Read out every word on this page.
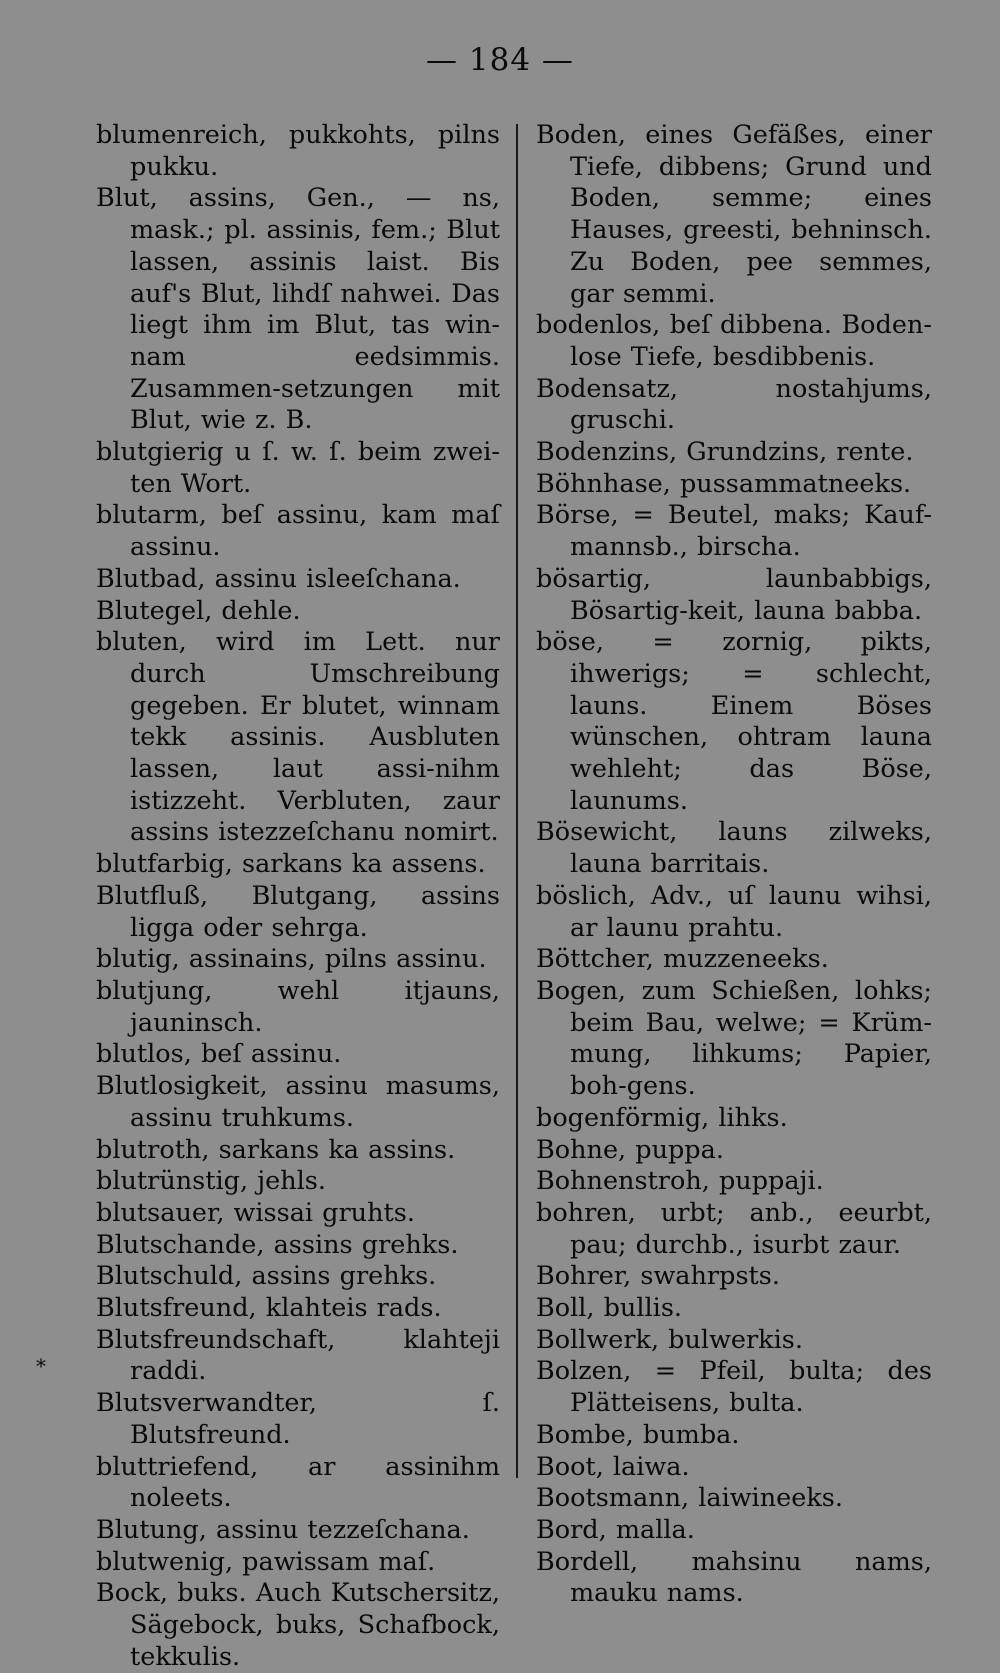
— 184 —
blumenreich, pukkohts, pilns pukku.
Blut, assins, Gen., — ns, mask.; pl. assinis, fem.; Blut lassen, assinis laist. Bis auf's Blut, lihdſ nahwei. Das liegt ihm im Blut, tas win-nam eedsimmis. Zusammen-setzungen mit Blut, wie z. B.
blutgierig u ſ. w. ſ. beim zwei-ten Wort.
blutarm, beſ assinu, kam maſ assinu.
Blutbad, assinu isleeſchana.
Blutegel, dehle.
bluten, wird im Lett. nur durch Umschreibung gegeben. Er blutet, winnam tekk assinis. Ausbluten lassen, laut assi-nihm istizzeht. Verbluten, zaur assins istezzeſchanu nomirt.
blutfarbig, sarkans ka assens.
Blutfluß, Blutgang, assins ligga oder sehrga.
blutig, assinains, pilns assinu.
blutjung, wehl itjauns, jauninsch.
blutlos, beſ assinu.
Blutlosigkeit, assinu masums, assinu truhkums.
blutroth, sarkans ka assins.
blutrünstig, jehls.
blutsauer, wissai gruhts.
Blutschande, assins grehks.
Blutschuld, assins grehks.
Blutsfreund, klahteis rads.
Blutsfreundschaft, klahteji raddi.
Blutsverwandter, ſ. Blutsfreund.
bluttriefend, ar assinihm noleets.
Blutung, assinu tezzeſchana.
blutwenig, pawissam maſ.
Bock, buks. Auch Kutschersitz, Sägebock, buks, Schafbock, tekkulis.
Boden, eines Gefäßes, einer Tiefe, dibbens; Grund und Boden, semme; eines Hauses, greesti, behninsch. Zu Boden, pee semmes, gar semmi.
bodenlos, beſ dibbena. Boden-lose Tiefe, besdibbenis.
Bodensatz, nostahjums, gruschi.
Bodenzins, Grundzins, rente.
Böhnhase, pussammatneeks.
Börse, = Beutel, maks; Kauf-mannsb., birscha.
bösartig, launbabbigs, Bösartig-keit, launa babba.
böse, = zornig, pikts, ihwerigs; = schlecht, launs. Einem Böses wünschen, ohtram launa wehleht; das Böse, launums.
Bösewicht, launs zilweks, launa barritais.
böslich, Adv., uſ launu wihsi, ar launu prahtu.
Böttcher, muzzeneeks.
Bogen, zum Schießen, lohks; beim Bau, welwe; = Krüm-mung, lihkums; Papier, boh-gens.
bogenförmig, lihks.
Bohne, puppa.
Bohnenstroh, puppaji.
bohren, urbt; anb., eeurbt, pau; durchb., isurbt zaur.
Bohrer, swahrpsts.
Boll, bullis.
Bollwerk, bulwerkis.
Bolzen, = Pfeil, bulta; des Plätteisens, bulta.
Bombe, bumba.
Boot, laiwa.
Bootsmann, laiwineeks.
Bord, malla.
Bordell, mahsinu nams, mauku nams.
*
